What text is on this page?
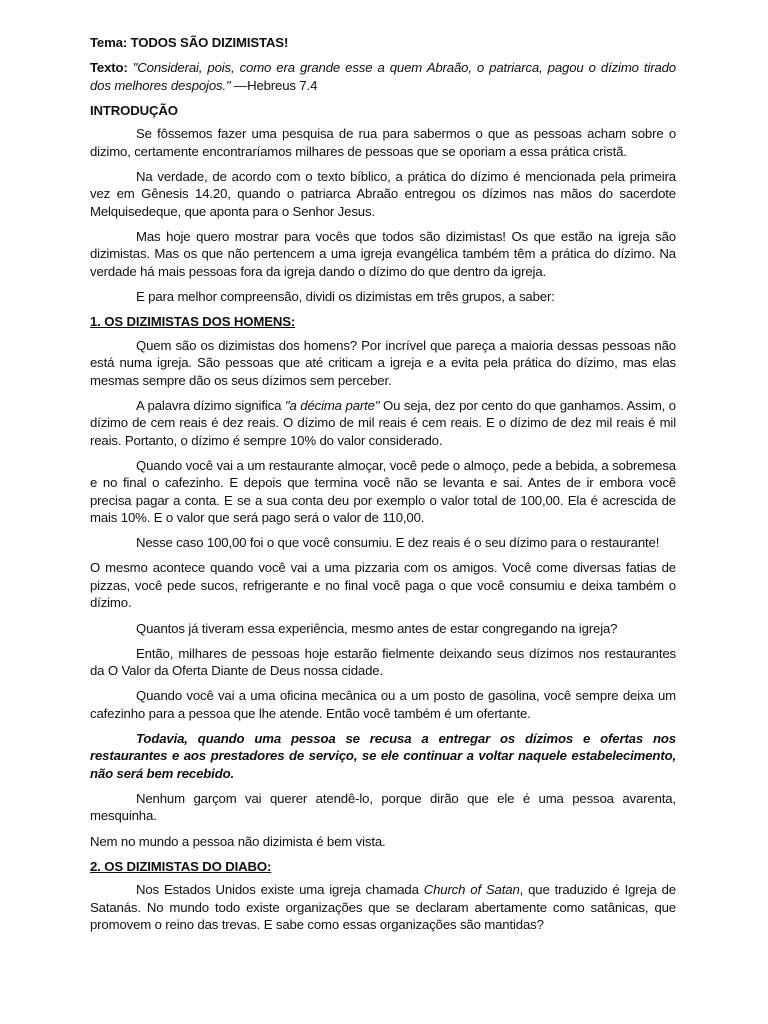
Tema: TODOS SÃO DIZIMISTAS!

Texto: "Considerai, pois, como era grande esse a quem Abraão, o patriarca, pagou o dízimo tirado dos melhores despojos." —Hebreus 7.4

INTRODUÇÃO

Se fôssemos fazer uma pesquisa de rua para sabermos o que as pessoas acham sobre o dizimo, certamente encontraríamos milhares de pessoas que se oporiam a essa prática cristã.

Na verdade, de acordo com o texto bíblico, a prática do dízimo é mencionada pela primeira vez em Gênesis 14.20, quando o patriarca Abraão entregou os dízimos nas mãos do sacerdote Melquisedeque, que aponta para o Senhor Jesus.

Mas hoje quero mostrar para vocês que todos são dizimistas! Os que estão na igreja são dizimistas. Mas os que não pertencem a uma igreja evangélica também têm a prática do dízimo. Na verdade há mais pessoas fora da igreja dando o dízimo do que dentro da igreja.

E para melhor compreensão, dividi os dizimistas em três grupos, a saber:

1. OS DIZIMISTAS DOS HOMENS:

Quem são os dizimistas dos homens? Por incrível que pareça a maioria dessas pessoas não está numa igreja. São pessoas que até criticam a igreja e a evita pela prática do dízimo, mas elas mesmas sempre dão os seus dízimos sem perceber.

A palavra dízimo significa "a décima parte" Ou seja, dez por cento do que ganhamos. Assim, o dízimo de cem reais é dez reais. O dízimo de mil reais é cem reais. E o dízimo de dez mil reais é mil reais. Portanto, o dízimo é sempre 10% do valor considerado.

Quando você vai a um restaurante almoçar, você pede o almoço, pede a bebida, a sobremesa e no final o cafezinho. E depois que termina você não se levanta e sai. Antes de ir embora você precisa pagar a conta. E se a sua conta deu por exemplo o valor total de 100,00. Ela é acrescida de mais 10%. E o valor que será pago será o valor de 110,00.

Nesse caso 100,00 foi o que você consumiu. E dez reais é o seu dízimo para o restaurante!

O mesmo acontece quando você vai a uma pizzaria com os amigos. Você come diversas fatias de pizzas, você pede sucos, refrigerante e no final você paga o que você consumiu e deixa também o dízimo.

Quantos já tiveram essa experiência, mesmo antes de estar congregando na igreja?

Então, milhares de pessoas hoje estarão fielmente deixando seus dízimos nos restaurantes da O Valor da Oferta Diante de Deus nossa cidade.

Quando você vai a uma oficina mecânica ou a um posto de gasolina, você sempre deixa um cafezinho para a pessoa que lhe atende. Então você também é um ofertante.

Todavia, quando uma pessoa se recusa a entregar os dízimos e ofertas nos restaurantes e aos prestadores de serviço, se ele continuar a voltar naquele estabelecimento, não será bem recebido.

Nenhum garçom vai querer atendê-lo, porque dirão que ele é uma pessoa avarenta, mesquinha.

Nem no mundo a pessoa não dizimista é bem vista.

2. OS DIZIMISTAS DO DIABO:

Nos Estados Unidos existe uma igreja chamada Church of Satan, que traduzido é Igreja de Satanás. No mundo todo existe organizações que se declaram abertamente como satânicas, que promovem o reino das trevas. E sabe como essas organizações são mantidas?
